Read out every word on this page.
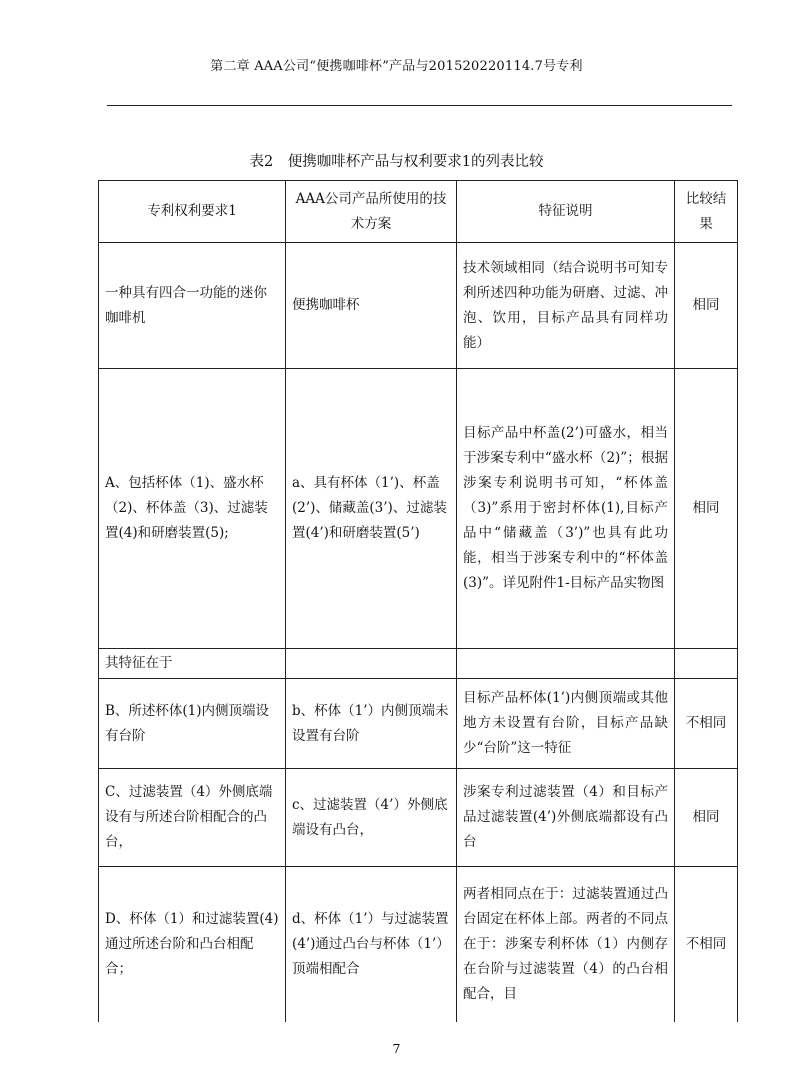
第二章 AAA公司“便携咖啡杯”产品与201520220114.7号专利
表2　便携咖啡杯产品与权利要求1的列表比较
专利权利要求1	AAA公司产品所使用的技术方案	特征说明	比较结果
一种具有四合一功能的迷你咖啡机	便携咖啡杯	技术领域相同（结合说明书可知专利所述四种功能为研磨、过滤、冲泡、饮用，目标产品具有同样功能）	相同
A、包括杯体（1)、盛水杯（2)、杯体盖（3)、过滤装置(4)和研磨装置(5);	a、具有杯体（1’)、杯盖(2’)、储藏盖(3’)、过滤装置(4’)和研磨装置(5’)	目标产品中杯盖(2’)可盛水，相当于涉案专利中“盛水杯（2)”；根据涉案专利说明书可知，“杯体盖（3)”系用于密封杯体(1),目标产品中“储藏盖（3’)”也具有此功能，相当于涉案专利中的“杯体盖(3)”。详见附件1-目标产品实物图	相同
其特征在于			
B、所述杯体(1)内侧顶端设有台阶	b、杯体（1’）内侧顶端未设置有台阶	目标产品杯体(1’)内侧顶端或其他地方未设置有台阶，目标产品缺少“台阶”这一特征	不相同
C、过滤装置（4）外侧底端设有与所述台阶相配合的凸台，	c、过滤装置（4’）外侧底端设有凸台，	涉案专利过滤装置（4）和目标产品过滤装置(4’)外侧底端都设有凸台	相同
D、杯体（1）和过滤装置(4)通过所述台阶和凸台相配合；	d、杯体（1’）与过滤装置(4’)通过凸台与杯体（1’）顶端相配合	两者相同点在于：过滤装置通过凸台固定在杯体上部。两者的不同点在于：涉案专利杯体（1）内侧存在台阶与过滤装置（4）的凸台相配合，目	不相同
7
